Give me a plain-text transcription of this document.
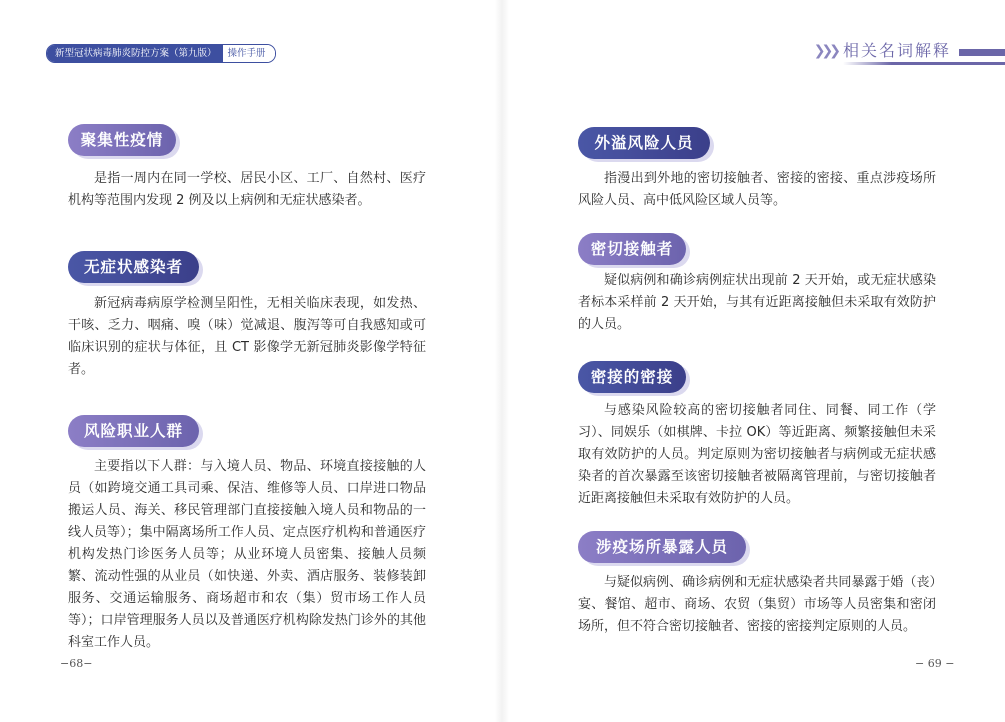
新型冠状病毒肺炎防控方案（第九版）	操作手册
聚集性疫情

是指一周内在同一学校、居民小区、工厂、自然村、医疗机构等范围内发现 2 例及以上病例和无症状感染者。

无症状感染者

新冠病毒病原学检测呈阳性，无相关临床表现，如发热、干咳、乏力、咽痛、嗅（味）觉减退、腹泻等可自我感知或可临床识别的症状与体征，且 CT 影像学无新冠肺炎影像学特征者。

风险职业人群

主要指以下人群：与入境人员、物品、环境直接接触的人员（如跨境交通工具司乘、保洁、维修等人员、口岸进口物品搬运人员、海关、移民管理部门直接接触入境人员和物品的一线人员等）；集中隔离场所工作人员、定点医疗机构和普通医疗机构发热门诊医务人员等；从业环境人员密集、接触人员频繁、流动性强的从业员（如快递、外卖、酒店服务、装修装卸服务、交通运输服务、商场超市和农（集）贸市场工作人员等）；口岸管理服务人员以及普通医疗机构除发热门诊外的其他科室工作人员。

−68−
❯ ❯ ❯ 相关名词解释
外溢风险人员

指漫出到外地的密切接触者、密接的密接、重点涉疫场所风险人员、高中低风险区域人员等。

密切接触者

疑似病例和确诊病例症状出现前 2 天开始，或无症状感染者标本采样前 2 天开始，与其有近距离接触但未采取有效防护的人员。

密接的密接

与感染风险较高的密切接触者同住、同餐、同工作（学习）、同娱乐（如棋牌、卡拉 OK）等近距离、频繁接触但未采取有效防护的人员。判定原则为密切接触者与病例或无症状感染者的首次暴露至该密切接触者被隔离管理前，与密切接触者近距离接触但未采取有效防护的人员。

涉疫场所暴露人员

与疑似病例、确诊病例和无症状感染者共同暴露于婚（丧）宴、餐馆、超市、商场、农贸（集贸）市场等人员密集和密闭场所，但不符合密切接触者、密接的密接判定原则的人员。

− 69 −
